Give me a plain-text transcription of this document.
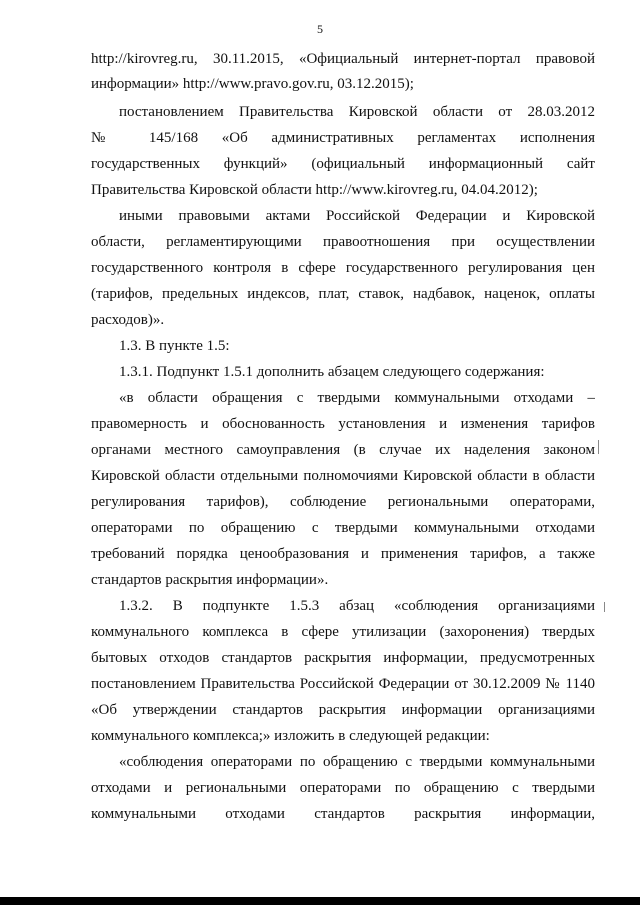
5
http://kirovreg.ru, 30.11.2015, «Официальный интернет-портал правовой
информации» http://www.pravo.gov.ru, 03.12.2015);
постановлением Правительства Кировской области от 28.03.2012
№ 145/168 «Об административных регламентах исполнения
государственных функций» (официальный информационный сайт
Правительства Кировской области http://www.kirovreg.ru, 04.04.2012);
иными правовыми актами Российской Федерации и Кировской
области, регламентирующими правоотношения при осуществлении
государственного контроля в сфере государственного регулирования цен
(тарифов, предельных индексов, плат, ставок, надбавок, наценок, оплаты
расходов)».
1.3. В пункте 1.5:
1.3.1. Подпункт 1.5.1 дополнить абзацем следующего содержания:
«в области обращения с твердыми коммунальными отходами –
правомерность и обоснованность установления и изменения тарифов
органами местного самоуправления (в случае их наделения законом
Кировской области отдельными полномочиями Кировской области в области
регулирования тарифов), соблюдение региональными операторами,
операторами по обращению с твердыми коммунальными отходами
требований порядка ценообразования и применения тарифов, а также
стандартов раскрытия информации».
1.3.2. В подпункте 1.5.3 абзац «соблюдения организациями
коммунального комплекса в сфере утилизации (захоронения) твердых
бытовых отходов стандартов раскрытия информации, предусмотренных
постановлением Правительства Российской Федерации от 30.12.2009 № 1140
«Об утверждении стандартов раскрытия информации организациями
коммунального комплекса;» изложить в следующей редакции:
«соблюдения операторами по обращению с твердыми коммунальными
отходами и региональными операторами по обращению с твердыми
коммунальными отходами стандартов раскрытия информации,
